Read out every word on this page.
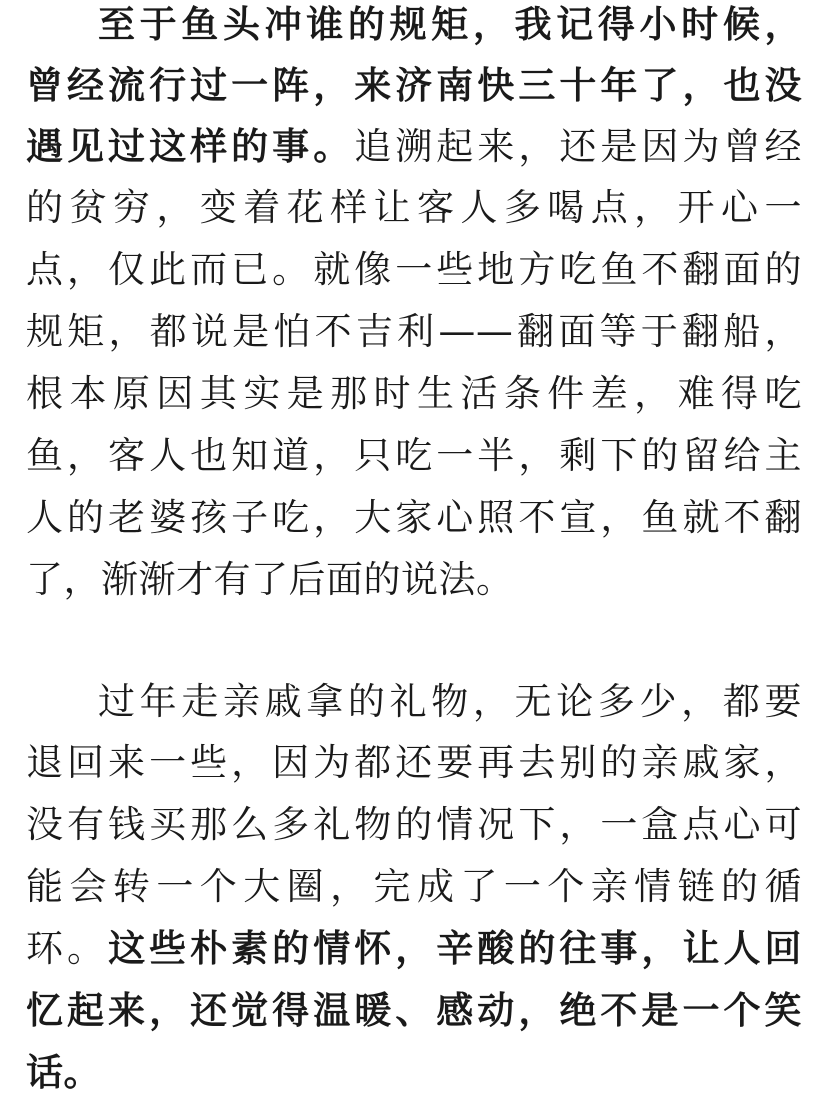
至于鱼头冲谁的规矩，我记得小时候，

曾经流行过一阵，来济南快三十年了，也没

遇见过这样的事。追溯起来，还是因为曾经

的贫穷，变着花样让客人多喝点，开心一

点，仅此而已。就像一些地方吃鱼不翻面的

规矩，都说是怕不吉利——翻面等于翻船，

根本原因其实是那时生活条件差，难得吃

鱼，客人也知道，只吃一半，剩下的留给主

人的老婆孩子吃，大家心照不宣，鱼就不翻

了，渐渐才有了后面的说法。

过年走亲戚拿的礼物，无论多少，都要

退回来一些，因为都还要再去别的亲戚家，

没有钱买那么多礼物的情况下，一盒点心可

能会转一个大圈，完成了一个亲情链的循

环。这些朴素的情怀，辛酸的往事，让人回

忆起来，还觉得温暖、感动，绝不是一个笑

话。
